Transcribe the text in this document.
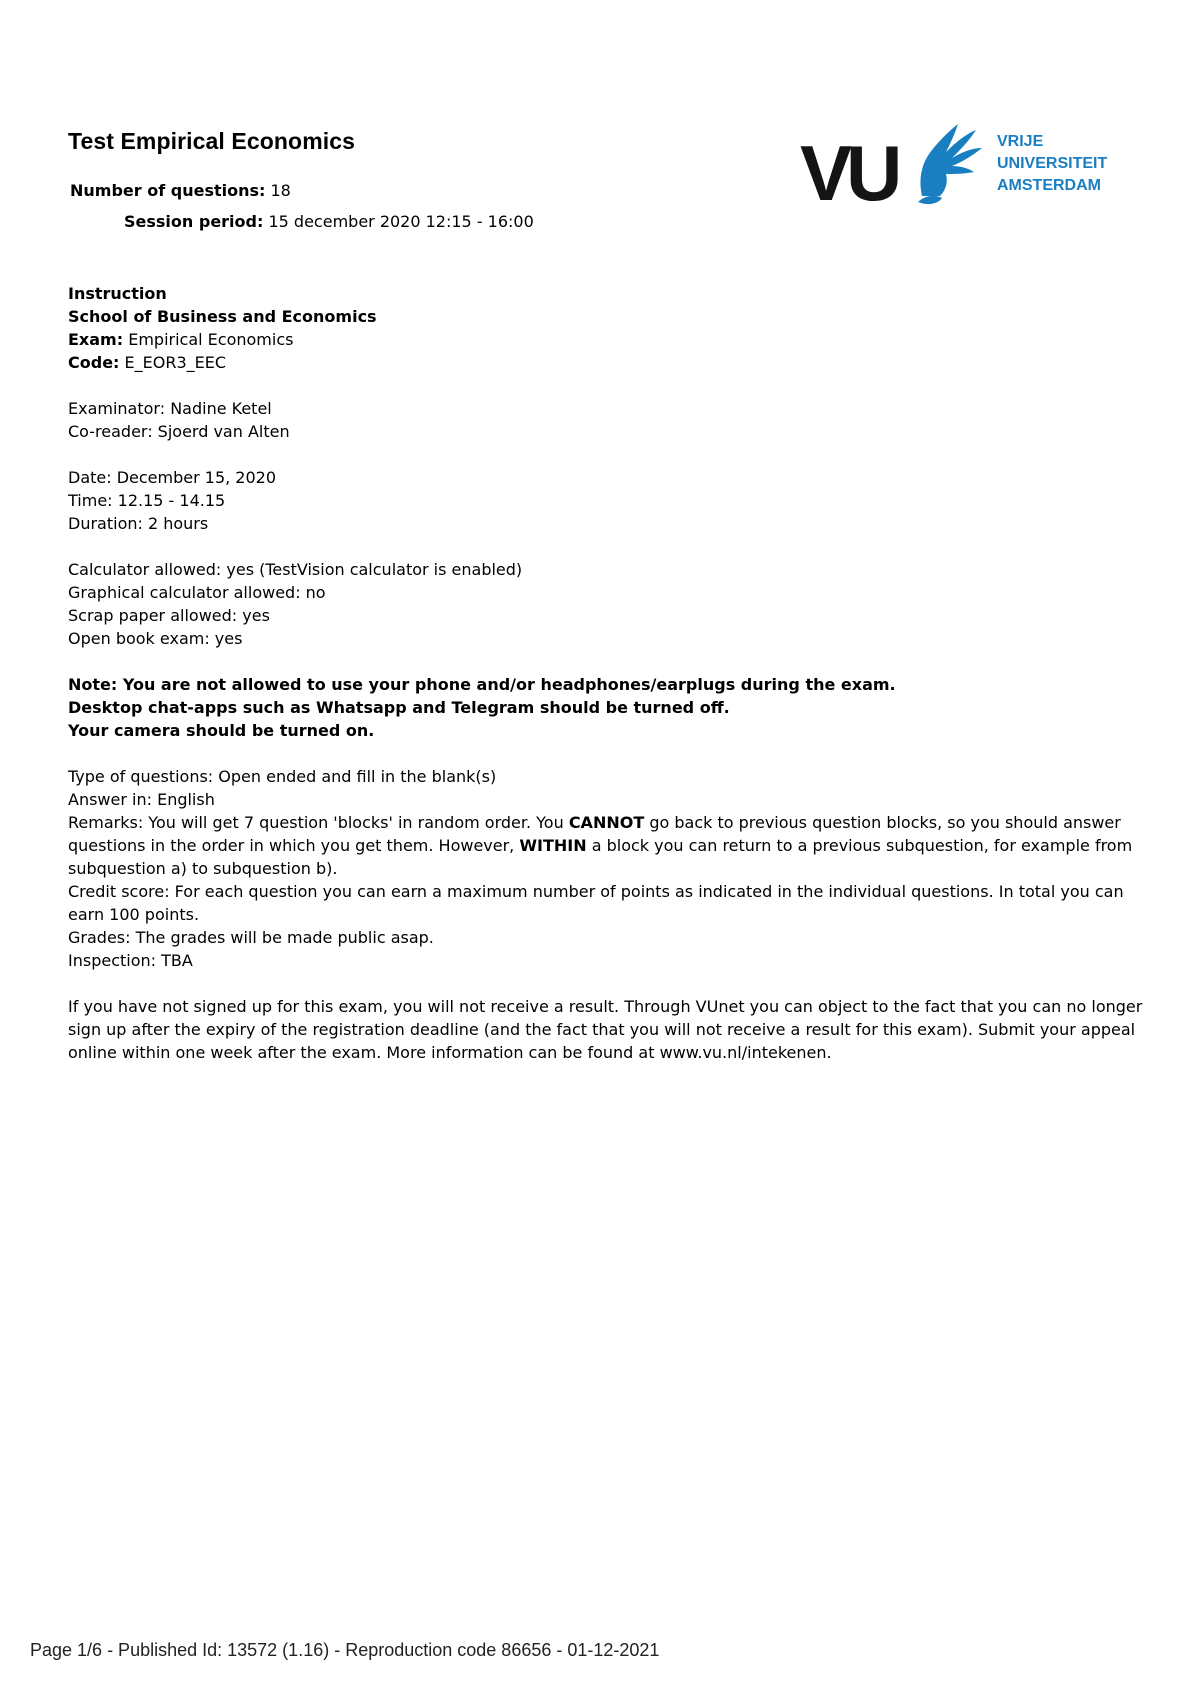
Test Empirical Economics
Number of questions: 18
Session period: 15 december 2020 12:15 - 16:00
VU	VRIJE
UNIVERSITEIT
AMSTERDAM

Instruction

School of Business and Economics

Exam: Empirical Economics

Code: E_EOR3_EEC

Examinator: Nadine Ketel

Co-reader: Sjoerd van Alten

Date: December 15, 2020

Time: 12.15 - 14.15

Duration: 2 hours

Calculator allowed: yes (TestVision calculator is enabled)

Graphical calculator allowed: no

Scrap paper allowed: yes

Open book exam: yes

Note: You are not allowed to use your phone and/or headphones/earplugs during the exam.

Desktop chat-apps such as Whatsapp and Telegram should be turned off.

Your camera should be turned on.

Type of questions: Open ended and fill in the blank(s)

Answer in: English

Remarks: You will get 7 question 'blocks' in random order. You CANNOT go back to previous question blocks, so you should answer questions in the order in which you get them. However, WITHIN a block you can return to a previous subquestion, for example from subquestion a) to subquestion b).

Credit score: For each question you can earn a maximum number of points as indicated in the individual questions. In total you can earn 100 points.

Grades: The grades will be made public asap.

Inspection: TBA

If you have not signed up for this exam, you will not receive a result. Through VUnet you can object to the fact that you can no longer sign up after the expiry of the registration deadline (and the fact that you will not receive a result for this exam). Submit your appeal online within one week after the exam. More information can be found at www.vu.nl/intekenen.

Page 1/6 - Published Id: 13572 (1.16) - Reproduction code 86656 - 01-12-2021
